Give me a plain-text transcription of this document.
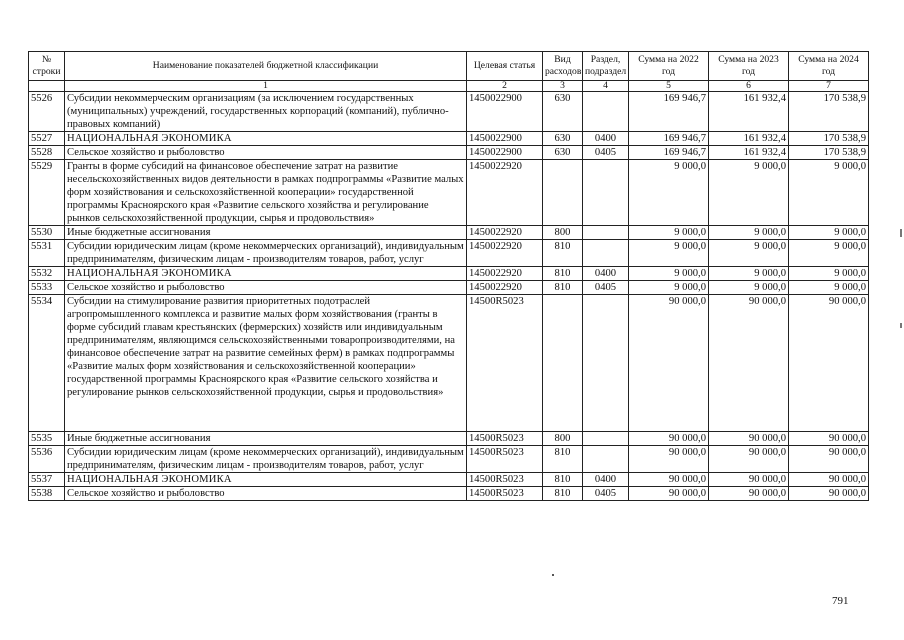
№ строки	Наименование показателей бюджетной классификации	Целевая статья	Вид расходов	Раздел, подраздел	Сумма на 2022 год	Сумма на 2023 год	Сумма на 2024 год
	1	2	3	4	5	6	7
5526	Субсидии некоммерческим организациям (за исключением государственных (муниципальных) учреждений, государственных корпораций (компаний), публично-правовых компаний)	1450022900	630		169 946,7	161 932,4	170 538,9
5527	НАЦИОНАЛЬНАЯ ЭКОНОМИКА	1450022900	630	0400	169 946,7	161 932,4	170 538,9
5528	Сельское хозяйство и рыболовство	1450022900	630	0405	169 946,7	161 932,4	170 538,9
5529	Гранты в форме субсидий на финансовое обеспечение затрат на развитие несельскохозяйственных видов деятельности в рамках подпрограммы «Развитие малых форм хозяйствования и сельскохозяйственной кооперации» государственной программы Красноярского края «Развитие сельского хозяйства и регулирование рынков сельскохозяйственной продукции, сырья и продовольствия»	1450022920			9 000,0	9 000,0	9 000,0
5530	Иные бюджетные ассигнования	1450022920	800		9 000,0	9 000,0	9 000,0
5531	Субсидии юридическим лицам (кроме некоммерческих организаций), индивидуальным предпринимателям, физическим лицам - производителям товаров, работ, услуг	1450022920	810		9 000,0	9 000,0	9 000,0
5532	НАЦИОНАЛЬНАЯ ЭКОНОМИКА	1450022920	810	0400	9 000,0	9 000,0	9 000,0
5533	Сельское хозяйство и рыболовство	1450022920	810	0405	9 000,0	9 000,0	9 000,0
5534	Субсидии на стимулирование развития приоритетных подотраслей агропромышленного комплекса и развитие малых форм хозяйствования (гранты в форме субсидий главам крестьянских (фермерских) хозяйств или индивидуальным предпринимателям, являющимся сельскохозяйственными товаропроизводителями, на финансовое обеспечение затрат на развитие семейных ферм) в рамках подпрограммы «Развитие малых форм хозяйствования и сельскохозяйственной кооперации» государственной программы Красноярского края «Развитие сельского хозяйства и регулирование рынков сельскохозяйственной продукции, сырья и продовольствия»	14500R5023			90 000,0	90 000,0	90 000,0
5535	Иные бюджетные ассигнования	14500R5023	800		90 000,0	90 000,0	90 000,0
5536	Субсидии юридическим лицам (кроме некоммерческих организаций), индивидуальным предпринимателям, физическим лицам - производителям товаров, работ, услуг	14500R5023	810		90 000,0	90 000,0	90 000,0
5537	НАЦИОНАЛЬНАЯ ЭКОНОМИКА	14500R5023	810	0400	90 000,0	90 000,0	90 000,0
5538	Сельское хозяйство и рыболовство	14500R5023	810	0405	90 000,0	90 000,0	90 000,0
791
